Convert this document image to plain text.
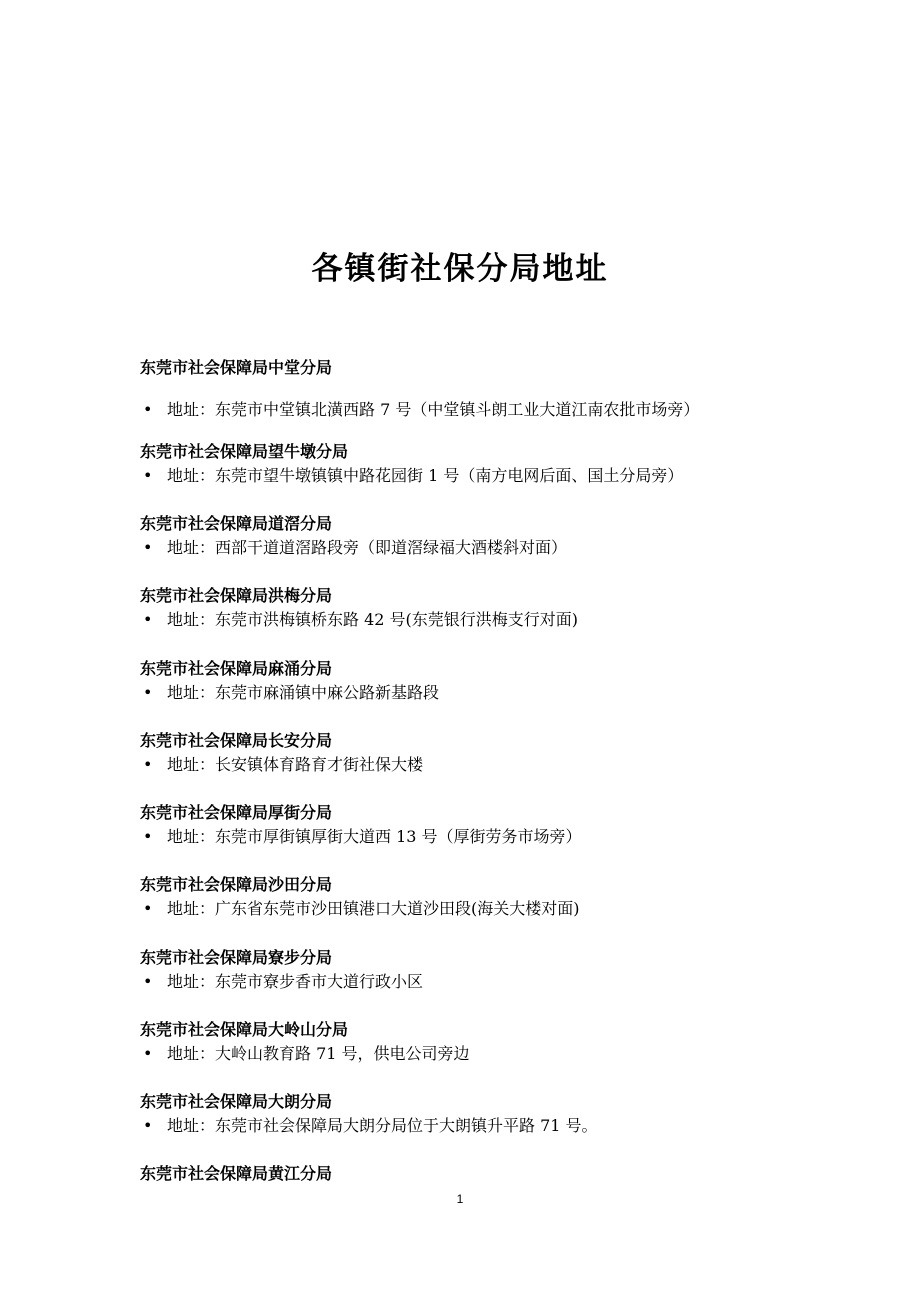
各镇街社保分局地址
东莞市社会保障局中堂分局
• 地址：东莞市中堂镇北潢西路 7 号（中堂镇斗朗工业大道江南农批市场旁）
东莞市社会保障局望牛墩分局
• 地址：东莞市望牛墩镇镇中路花园街 1 号（南方电网后面、国土分局旁）
东莞市社会保障局道滘分局
• 地址：西部干道道滘路段旁（即道滘绿福大酒楼斜对面）
东莞市社会保障局洪梅分局
• 地址：东莞市洪梅镇桥东路 42 号(东莞银行洪梅支行对面)
东莞市社会保障局麻涌分局
• 地址：东莞市麻涌镇中麻公路新基路段
东莞市社会保障局长安分局
• 地址：长安镇体育路育才街社保大楼
东莞市社会保障局厚街分局
• 地址：东莞市厚街镇厚街大道西 13 号（厚街劳务市场旁）
东莞市社会保障局沙田分局
• 地址：广东省东莞市沙田镇港口大道沙田段(海关大楼对面)
东莞市社会保障局寮步分局
• 地址：东莞市寮步香市大道行政小区
东莞市社会保障局大岭山分局
• 地址：大岭山教育路 71 号，供电公司旁边
东莞市社会保障局大朗分局
• 地址：东莞市社会保障局大朗分局位于大朗镇升平路 71 号。
东莞市社会保障局黄江分局
1
